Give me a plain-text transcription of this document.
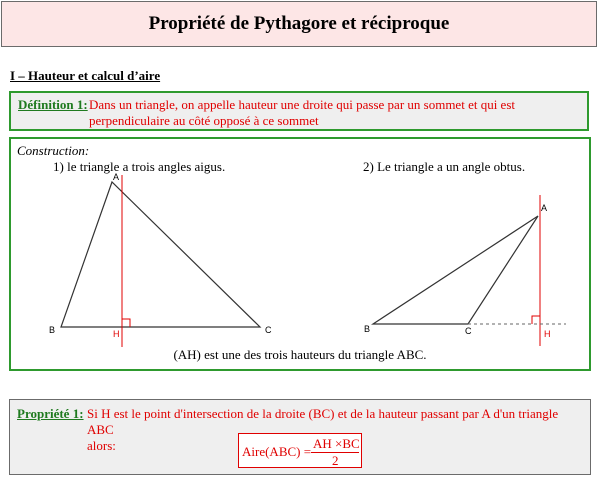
Propriété de Pythagore et réciproque
I – Hauteur et calcul d’aire
Définition 1: Dans un triangle, on appelle hauteur une droite qui passe par un sommet et qui est perpendiculaire au côté opposé à ce sommet
Construction:
1) le triangle a trois angles aigus.	2) Le triangle a un angle obtus.
A
B	C
H
A
B	C	H
(AH) est une des trois hauteurs du triangle ABC.
Propriété 1: Si H est le point d'intersection de la droite (BC) et de la hauteur passant par A d'un triangle ABC
alors:	Aire(ABC) =
AH ×BC
2
